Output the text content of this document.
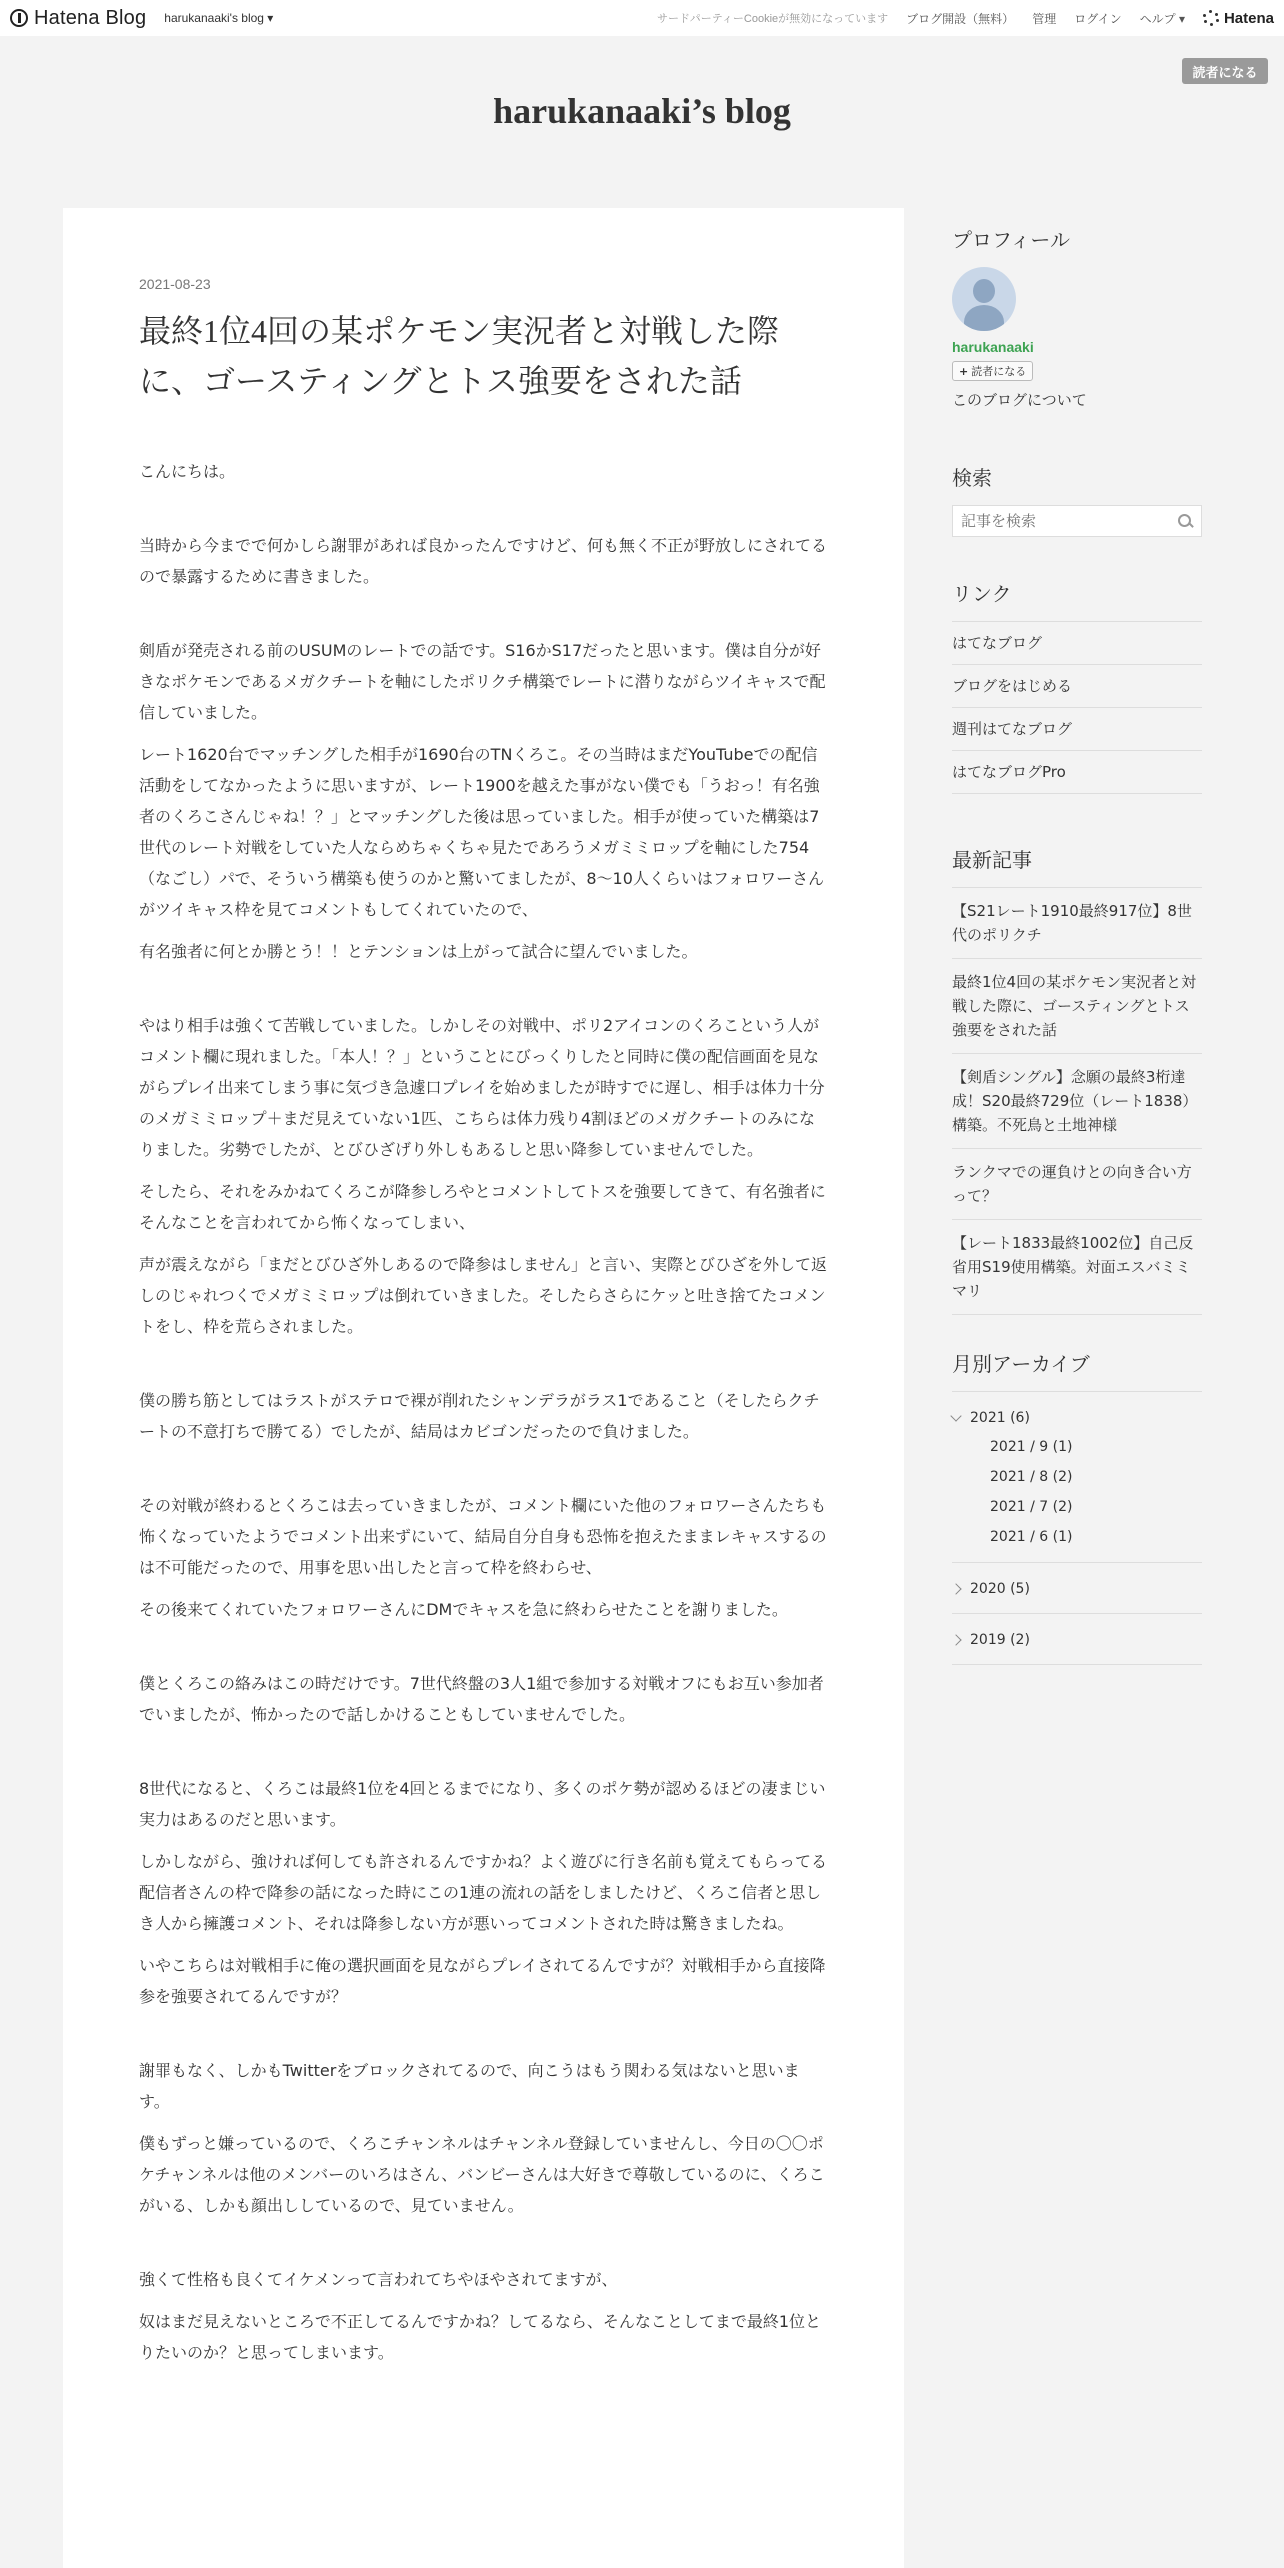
Hatena Blog harukanaaki's blog ▾	サードパーティーCookieが無効になっています ブログ開設（無料） 管理 ログイン ヘルプ ▾	Hatena
読者になる
harukanaaki’s blog
2021-08-23
最終1位4回の某ポケモン実況者と対戦した際に、ゴースティングとトス強要をされた話

こんにちは。

当時から今までで何かしら謝罪があれば良かったんですけど、何も無く不正が野放しにされてるので暴露するために書きました。

剣盾が発売される前のUSUMのレートでの話です。S16かS17だったと思います。僕は自分が好きなポケモンであるメガクチートを軸にしたポリクチ構築でレートに潜りながらツイキャスで配信していました。

レート1620台でマッチングした相手が1690台のTNくろこ。その当時はまだYouTubeでの配信活動をしてなかったように思いますが、レート1900を越えた事がない僕でも「うおっ！有名強者のくろこさんじゃね！？」とマッチングした後は思っていました。相手が使っていた構築は7世代のレート対戦をしていた人ならめちゃくちゃ見たであろうメガミミロップを軸にした754（なごし）パで、そういう構築も使うのかと驚いてましたが、8～10人くらいはフォロワーさんがツイキャス枠を見てコメントもしてくれていたので、

有名強者に何とか勝とう！！とテンションは上がって試合に望んでいました。

やはり相手は強くて苦戦していました。しかしその対戦中、ポリ2アイコンのくろこという人がコメント欄に現れました。「本人！？」ということにびっくりしたと同時に僕の配信画面を見ながらプレイ出来てしまう事に気づき急遽口プレイを始めましたが時すでに遅し、相手は体力十分のメガミミロップ＋まだ見えていない1匹、こちらは体力残り4割ほどのメガクチートのみになりました。劣勢でしたが、とびひざげり外しもあるしと思い降参していませんでした。

そしたら、それをみかねてくろこが降参しろやとコメントしてトスを強要してきて、有名強者にそんなことを言われてから怖くなってしまい、

声が震えながら「まだとびひざ外しあるので降参はしません」と言い、実際とびひざを外して返しのじゃれつくでメガミミロップは倒れていきました。そしたらさらにケッと吐き捨てたコメントをし、枠を荒らされました。

僕の勝ち筋としてはラストがステロで裸が削れたシャンデラがラス1であること（そしたらクチートの不意打ちで勝てる）でしたが、結局はカビゴンだったので負けました。

その対戦が終わるとくろこは去っていきましたが、コメント欄にいた他のフォロワーさんたちも怖くなっていたようでコメント出来ずにいて、結局自分自身も恐怖を抱えたままレキャスするのは不可能だったので、用事を思い出したと言って枠を終わらせ、

その後来てくれていたフォロワーさんにDMでキャスを急に終わらせたことを謝りました。

僕とくろこの絡みはこの時だけです。7世代終盤の3人1組で参加する対戦オフにもお互い参加者でいましたが、怖かったので話しかけることもしていませんでした。

8世代になると、くろこは最終1位を4回とるまでになり、多くのポケ勢が認めるほどの凄まじい実力はあるのだと思います。

しかしながら、強ければ何しても許されるんですかね？よく遊びに行き名前も覚えてもらってる配信者さんの枠で降参の話になった時にこの1連の流れの話をしましたけど、くろこ信者と思しき人から擁護コメント、それは降参しない方が悪いってコメントされた時は驚きましたね。

いやこちらは対戦相手に俺の選択画面を見ながらプレイされてるんですが？対戦相手から直接降参を強要されてるんですが？

謝罪もなく、しかもTwitterをブロックされてるので、向こうはもう関わる気はないと思います。

僕もずっと嫌っているので、くろこチャンネルはチャンネル登録していませんし、今日の〇〇ポケチャンネルは他のメンバーのいろはさん、バンビーさんは大好きで尊敬しているのに、くろこがいる、しかも顔出ししているので、見ていません。

強くて性格も良くてイケメンって言われてちやほやされてますが、

奴はまだ見えないところで不正してるんですかね？してるなら、そんなことしてまで最終1位とりたいのか？と思ってしまいます。

プロフィール
harukanaaki
+ 読者になる
このブログについて
検索
記事を検索
リンク
はてなブログ
ブログをはじめる
週刊はてなブログ
はてなブログPro
最新記事
【S21レート1910最終917位】8世代のポリクチ
最終1位4回の某ポケモン実況者と対戦した際に、ゴースティングとトス強要をされた話
【剣盾シングル】念願の最終3桁達成！S20最終729位（レート1838）構築。不死鳥と土地神様
ランクマでの運負けとの向き合い方って？
【レート1833最終1002位】自己反省用S19使用構築。対面エスバミミマリ
月別アーカイブ
2021 (6)
2021 / 9 (1)
2021 / 8 (2)
2021 / 7 (2)
2021 / 6 (1)
2020 (5)
2019 (2)
